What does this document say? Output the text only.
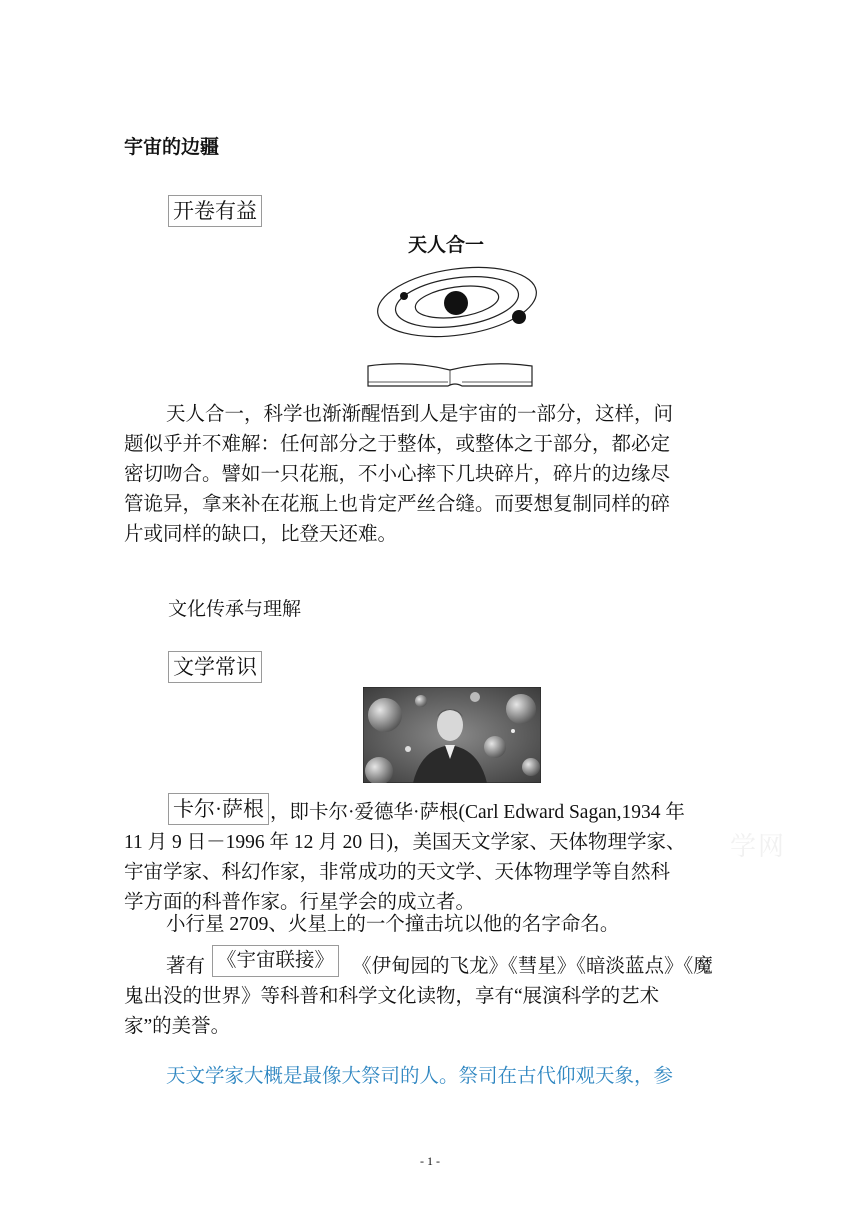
宇宙的边疆
开卷有益
天人合一
天人合一，科学也渐渐醒悟到人是宇宙的一部分，这样，问
题似乎并不难解：任何部分之于整体，或整体之于部分，都必定
密切吻合。譬如一只花瓶，不小心摔下几块碎片，碎片的边缘尽
管诡异，拿来补在花瓶上也肯定严丝合缝。而要想复制同样的碎
片或同样的缺口，比登天还难。
文化传承与理解
文学常识
卡尔·萨根 ，即卡尔·爱德华·萨根(Carl Edward Sagan,1934 年
11 月 9 日－1996 年 12 月 20 日)，美国天文学家、天体物理学家、
宇宙学家、科幻作家，非常成功的天文学、天体物理学等自然科
学方面的科普作家。行星学会的成立者。
小行星 2709、火星上的一个撞击坑以他的名字命名。
著有 《宇宙联接》 《伊甸园的飞龙》《彗星》《暗淡蓝点》《魔
鬼出没的世界》等科普和科学文化读物，享有“展演科学的艺术
家”的美誉。
天文学家大概是最像大祭司的人。祭司在古代仰观天象，参
学网
- 1 -
